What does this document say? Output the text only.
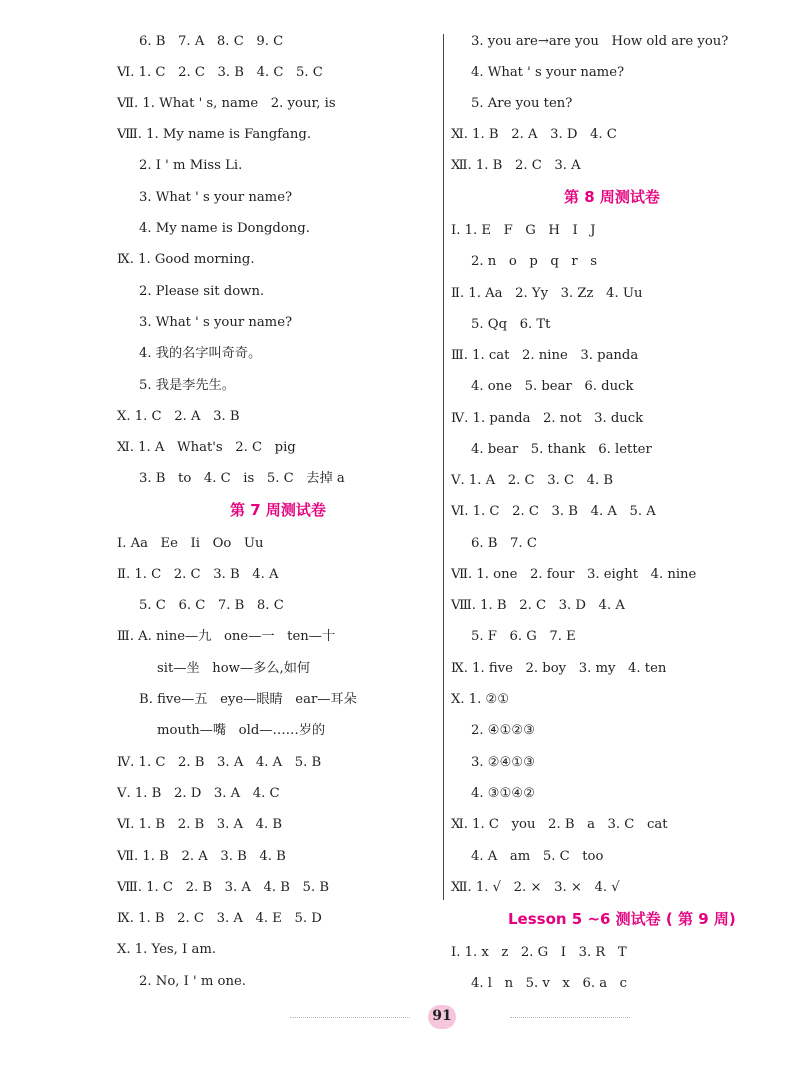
6. B   7. A   8. C   9. C
Ⅵ. 1. C   2. C   3. B   4. C   5. C
Ⅶ. 1. What ' s, name   2. your, is
Ⅷ. 1. My name is Fangfang.
2. I ' m Miss Li.
3. What ' s your name?
4. My name is Dongdong.
Ⅸ. 1. Good morning.
2. Please sit down.
3. What ' s your name?
4. 我的名字叫奇奇。
5. 我是李先生。
Ⅹ. 1. C   2. A   3. B
Ⅺ. 1. A   What's   2. C   pig
3. B   to   4. C   is   5. C   去掉 a
第 7 周测试卷
Ⅰ. Aa   Ee   Ii   Oo   Uu
Ⅱ. 1. C   2. C   3. B   4. A
5. C   6. C   7. B   8. C
Ⅲ. A. nine—九   one—一   ten—十
sit—坐   how—多么,如何
B. five—五   eye—眼睛   ear—耳朵
mouth—嘴   old—……岁的
Ⅳ. 1. C   2. B   3. A   4. A   5. B
Ⅴ. 1. B   2. D   3. A   4. C
Ⅵ. 1. B   2. B   3. A   4. B
Ⅶ. 1. B   2. A   3. B   4. B
Ⅷ. 1. C   2. B   3. A   4. B   5. B
Ⅸ. 1. B   2. C   3. A   4. E   5. D
Ⅹ. 1. Yes, I am.
2. No, I ' m one.
3. you are→are you   How old are you?
4. What ' s your name?
5. Are you ten?
Ⅺ. 1. B   2. A   3. D   4. C
Ⅻ. 1. B   2. C   3. A
第 8 周测试卷
Ⅰ. 1. E   F   G   H   I   J
2. n   o   p   q   r   s
Ⅱ. 1. Aa   2. Yy   3. Zz   4. Uu
5. Qq   6. Tt
Ⅲ. 1. cat   2. nine   3. panda
4. one   5. bear   6. duck
Ⅳ. 1. panda   2. not   3. duck
4. bear   5. thank   6. letter
Ⅴ. 1. A   2. C   3. C   4. B
Ⅵ. 1. C   2. C   3. B   4. A   5. A
6. B   7. C
Ⅶ. 1. one   2. four   3. eight   4. nine
Ⅷ. 1. B   2. C   3. D   4. A
5. F   6. G   7. E
Ⅸ. 1. five   2. boy   3. my   4. ten
Ⅹ. 1. ②①
2. ④①②③
3. ②④①③
4. ③①④②
Ⅺ. 1. C   you   2. B   a   3. C   cat
4. A   am   5. C   too
Ⅻ. 1. √   2. ×   3. ×   4. √
Lesson 5 ~6 测试卷 ( 第 9 周)
Ⅰ. 1. x   z   2. G   I   3. R   T
4. l   n   5. v   x   6. a   c
91
